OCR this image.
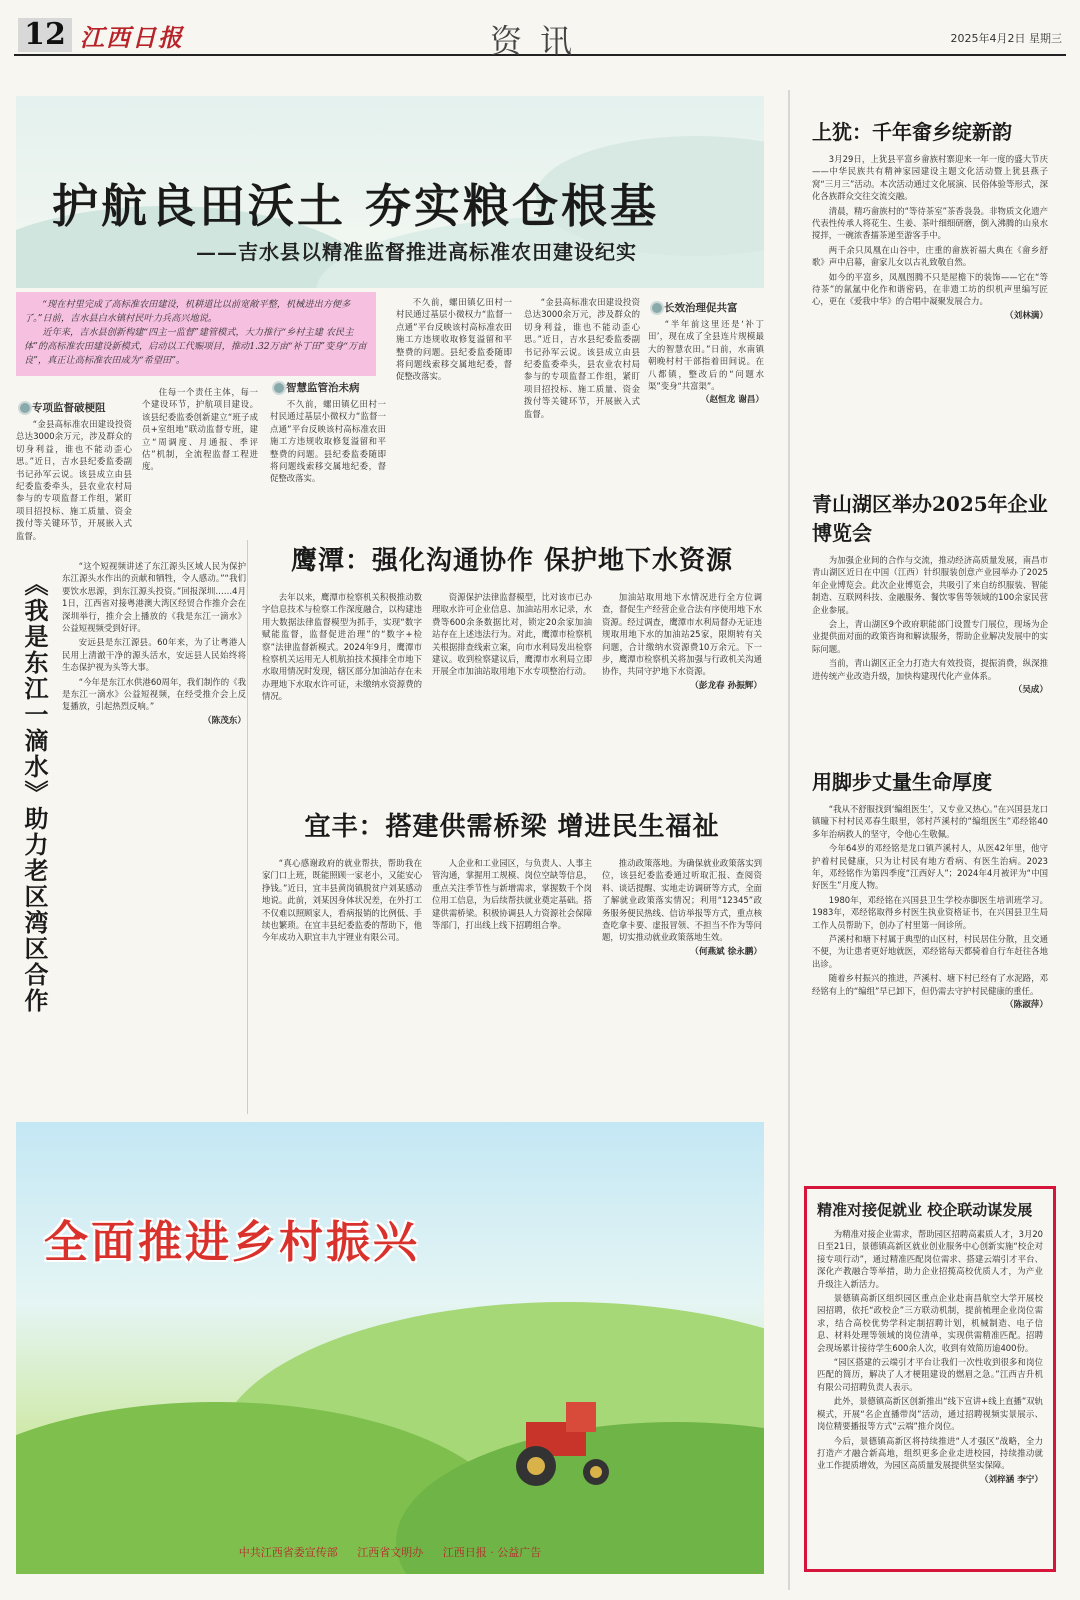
12 江西日报	资讯	2025年4月2日 星期三
护航良田沃土 夯实粮仓根基
——吉水县以精准监督推进高标准农田建设纪实

“现在村里完成了高标准农田建设，机耕道比以前宽敞平整，机械进出方便多了。”日前，吉水县白水镇村民叶力兵高兴地说。

近年来，吉水县创新构建“四主一监督”建管模式，大力推行“乡村主建 农民主体”的高标准农田建设新模式，启动以工代赈项目，推动1.32万亩“补丁田”变身“万亩良”，真正让高标准农田成为“希望田”。

专项监督破梗阻

“金县高标准农田建设投资总达3000余万元，涉及群众的切身利益，谁也不能动歪心思。”近日，吉水县纪委监委副书记孙军云说。该县成立由县纪委监委牵头，县农业农村局参与的专项监督工作组，紧盯项目招投标、施工质量、资金拨付等关键环节，开展嵌入式监督。

住每一个责任主体，每一个建设环节，护航项目建设。该县纪委监委创新建立“班子成员+室组地”联动监督专班，建立“周调度、月通报、季评估”机制，全流程监督工程进度。

智慧监管治未病

不久前，螺田镇亿田村一村民通过基层小微权力“监督一点通”平台反映该村高标准农田施工方违规收取修复溢留和平整费的问题。县纪委监委随即将问题线索移交属地纪委，督促整改落实。

不久前，螺田镇亿田村一村民通过基层小微权力“监督一点通”平台反映该村高标准农田施工方违规收取修复溢留和平整费的问题。县纪委监委随即将问题线索移交属地纪委，督促整改落实。

“金县高标准农田建设投资总达3000余万元，涉及群众的切身利益，谁也不能动歪心思。”近日，吉水县纪委监委副书记孙军云说。该县成立由县纪委监委牵头，县农业农村局参与的专项监督工作组，紧盯项目招投标、施工质量、资金拨付等关键环节，开展嵌入式监督。

长效治理促共富

“半年前这里还是‘补丁田’，现在成了全县连片规模最大的智慧农田。”日前，水南镇朝晚村村干部指着田间说。在八都镇，整改后的“问题水渠”变身“共富渠”。

（赵恒龙 谢昌）
上犹：千年畲乡绽新韵

3月29日，上犹县平富乡畲族村寨迎来一年一度的盛大节庆——中华民族共有精神家园建设主题文化活动暨上犹县燕子窝“三月三”活动。本次活动通过文化展演、民俗体验等形式，深化各族群众交往交流交融。

清晨，精巧畲族村的“等待茶室”茶香袅袅。非物质文化遗产代表性传承人将花生、生姜、茶叶细细研磨，倒入沸腾的山泉水搅拌，一碗浓香擂茶递至游客手中。

两千余只凤凰在山谷中，庄重的畲族祈福大典在《畲乡舒歌》声中启幕，畲家儿女以古礼致敬自然。

如今的平富乡，凤凰图腾不只是屋檐下的装饰——它在“等待茶”的氤氲中化作和谐密码，在非遗工坊的织机声里编写匠心，更在《爱我中华》的合唱中凝聚发展合力。

（刘林满）
青山湖区举办2025年企业博览会

为加强企业间的合作与交流，推动经济高质量发展，南昌市青山湖区近日在中国（江西）针织服装创意产业园举办了2025年企业博览会。此次企业博览会，共吸引了来自纺织服装、智能制造、互联网科技、金融服务、餐饮零售等领域的100余家民营企业参展。

会上，青山湖区9个政府职能部门设置专门展位，现场为企业提供面对面的政策咨询和解读服务，帮助企业解决发展中的实际问题。

当前，青山湖区正全力打造大有效投资，提振消费，纵深推进传统产业改造升级，加快构建现代化产业体系。

（吴成）
用脚步丈量生命厚度

“我从不舒服找到‘编组医生’，又专业又热心。”在兴国县龙口镇瞳下村村民邓春生眼里，邻村芦溪村的“编组医生”邓经铭40多年治病救人的坚守，令他心生敬佩。

今年64岁的邓经铭是龙口镇芦溪村人，从医42年里，他守护着村民健康，只为让村民有地方看病、有医生治病。2023年，邓经铭作为第四季度“江西好人”；2024年4月被评为“中国好医生”月度人物。

1980年，邓经铭在兴国县卫生学校赤脚医生培训班学习。1983年，邓经铭取得乡村医生执业资格证书，在兴国县卫生局工作人员帮助下，创办了村里第一间诊所。

芦溪村和塘下村属于典型的山区村，村民居住分散，且交通不便，为让患者更好地就医，邓经铭每天都骑着自行车赶往各地出诊。

随着乡村振兴的推进，芦溪村、塘下村已经有了水泥路，邓经铭有上的“编组”早已卸下，但仍需去守护村民健康的重任。

（陈淑萍）
精准对接促就业 校企联动谋发展

为精准对接企业需求，帮助园区招聘高素质人才，3月20日至21日，景德镇高新区就业创业服务中心创新实施“校企对接专项行动”，通过精准匹配岗位需求、搭建云端引才平台、深化产教融合等举措，助力企业招揽高校优质人才，为产业升级注入新活力。

景德镇高新区组织园区重点企业赴南昌航空大学开展校园招聘，依托“政校企”三方联动机制，提前梳理企业岗位需求，结合高校优势学科定制招聘计划，机械制造、电子信息、材料处理等领域的岗位清单，实现供需精准匹配。招聘会现场累计接待学生600余人次，收到有效简历逾400份。

“园区搭建的云端引才平台让我们一次性收到很多和岗位匹配的简历，解决了人才梗阻建设的燃眉之急。”江西吉升机有限公司招聘负责人表示。

此外，景德镇高新区创新推出“线下宣讲+线上直播”双轨模式，开展“名企直播带岗”活动，通过招聘视频实景展示、岗位精要播报等方式“云端”推介岗位。

今后，景德镇高新区将持续推进“人才强区”战略，全力打造产才融合新高地，组织更多企业走进校园，持续推动就业工作提质增效，为园区高质量发展提供坚实保障。

（刘梓涵 李宁）
《我是东江一滴水》助力老区湾区合作

“这个短视频讲述了东江源头区域人民为保护东江源头水作出的贡献和牺牲，令人感动。”“我们要饮水思源，到东江源头投资。”回报深圳……4月1日，江西省对接粤港澳大湾区经贸合作推介会在深圳举行，推介会上播放的《我是东江一滴水》公益短视频受到好评。

安远县是东江源县。60年来，为了让粤港人民用上清澈干净的源头活水，安远县人民始终将生态保护视为头等大事。

“今年是东江水供港60周年，我们制作的《我是东江一滴水》公益短视频，在经受推介会上反复播放，引起热烈反响。”

（陈茂东）
鹰潭：强化沟通协作 保护地下水资源

去年以来，鹰潭市检察机关积极推动数字信息技术与检察工作深度融合，以构建违用大数据法律监督模型为抓手，实现“数字赋能监督，监督促进治理”的“数字+检察”法律监督新模式。2024年9月，鹰潭市检察机关运用无人机航拍技术摸排全市地下水取用情况时发现，辖区部分加油站存在未办理地下水取水许可证，未缴纳水资源费的情况。

资源保护法律监督模型，比对该市已办理取水许可企业信息、加油站用水记录，水费等600余条数据比对，锁定20余家加油站存在上述违法行为。对此，鹰潭市检察机关根据排查线索立案，向市水利局发出检察建议。收到检察建议后，鹰潭市水利局立即开展全市加油站取用地下水专项整治行动。

加油站取用地下水情况进行全方位调查，督促生产经营企业合法有序使用地下水资源。经过调查，鹰潭市水利局督办无证违规取用地下水的加油站25家，限期转有关问题，合计缴纳水资源费10万余元。下一步，鹰潭市检察机关将加强与行政机关沟通协作，共同守护地下水资源。

（彭龙春 孙振辉）
宜丰：搭建供需桥梁 增进民生福祉

“真心感谢政府的就业帮扶，帮助我在家门口上班，既能照顾一家老小，又能安心挣钱。”近日，宜丰县黄岗镇脱贫户刘某感动地说。此前，刘某因身体状况差，在外打工不仅难以照顾家人，看病报销的比例低、手续也繁琐。在宜丰县纪委监委的帮助下，他今年成功入职宜丰九宇锂业有限公司。

人企业和工业园区，与负责人、人事主管沟通，掌握用工规模、岗位空缺等信息，重点关注季节性与新增需求，掌握数千个岗位用工信息，为后续帮扶就业奠定基础。搭建供需桥梁。积极协调县人力资源社会保障等部门，打出线上线下招聘组合拳。

推动政策落地。为确保就业政策落实到位，该县纪委监委通过听取汇报、查阅资料、谈话提醒、实地走访调研等方式，全面了解就业政策落实情况；利用“12345”政务服务便民热线、信访举报等方式，重点核查吃拿卡要、虚报冒领、不担当不作为等问题，切实推动就业政策落地生效。

（何燕斌 徐永鹏）
全面推进乡村振兴
中共江西省委宣传部 江西省文明办 江西日报 · 公益广告
